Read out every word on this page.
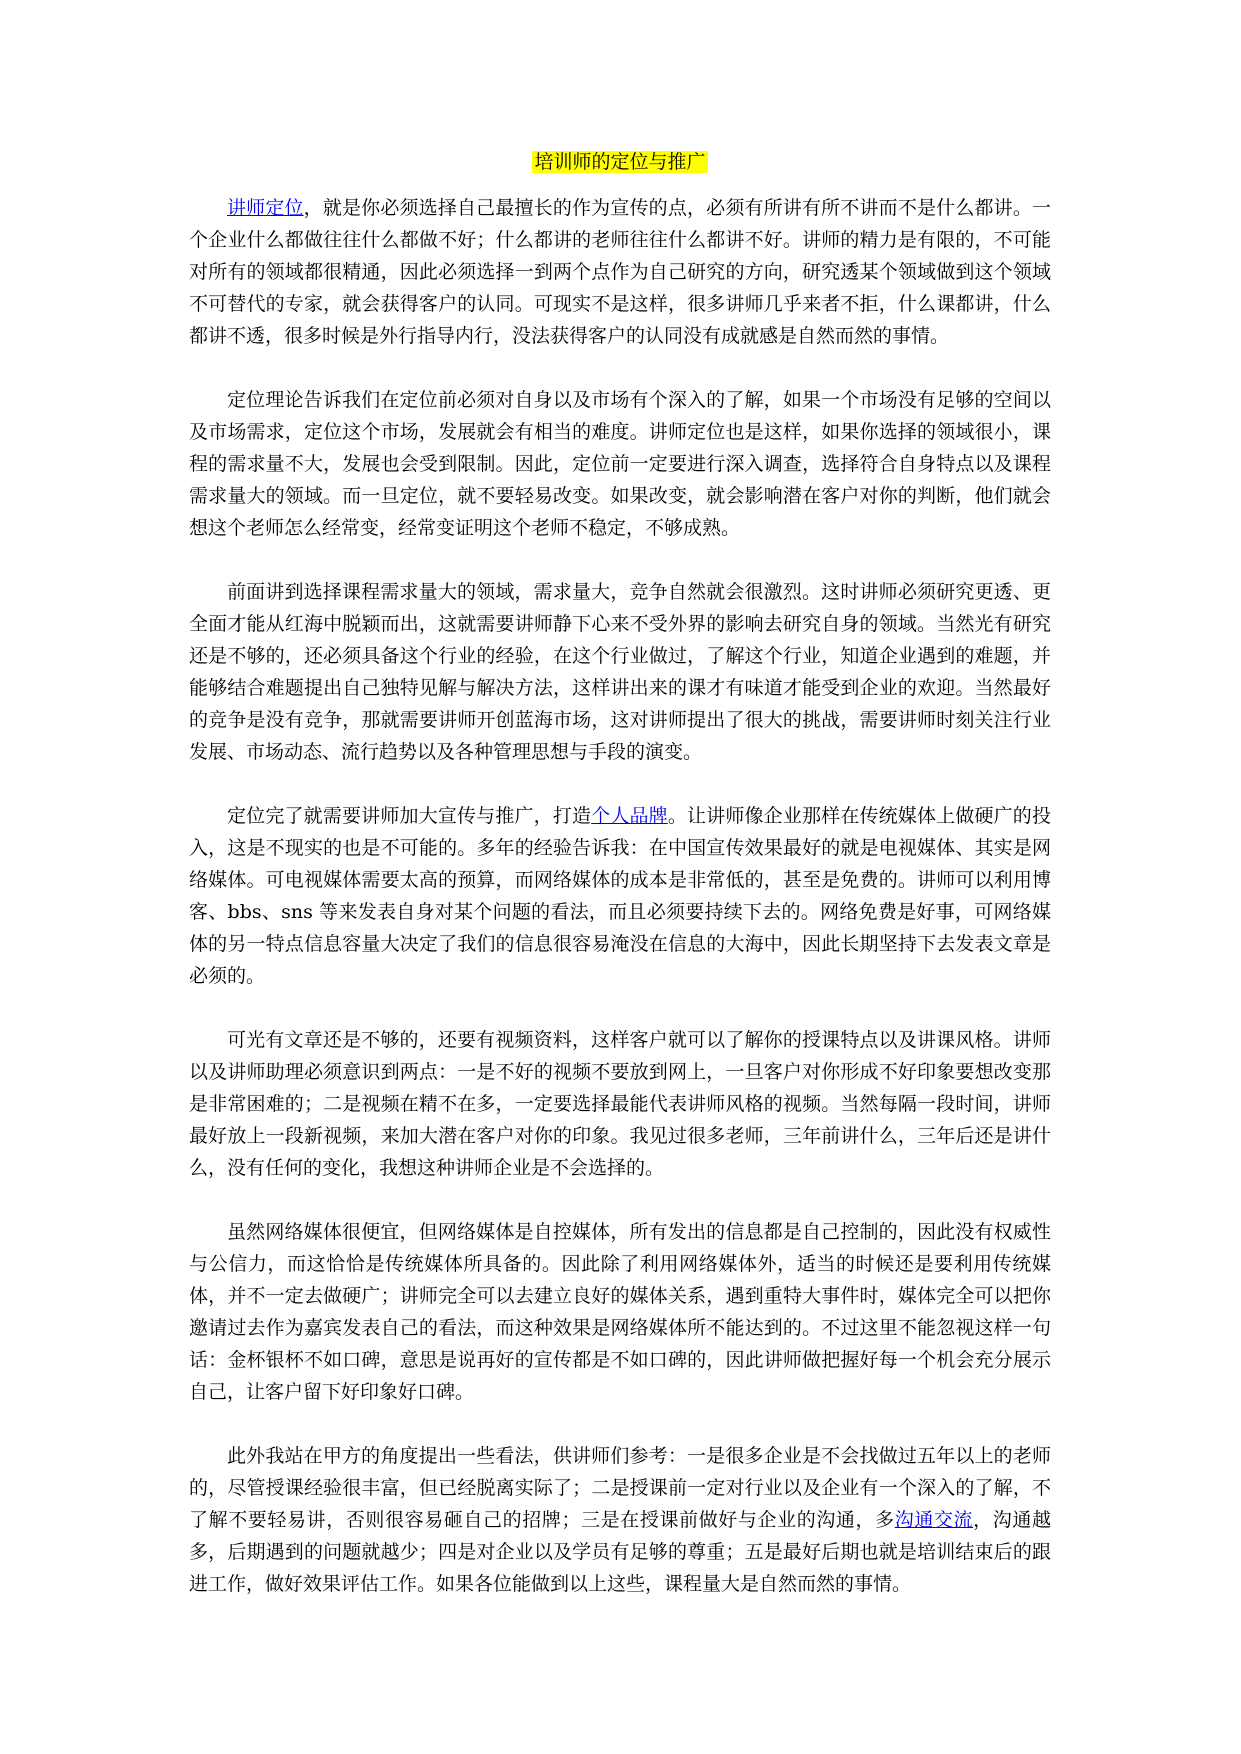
培训师的定位与推广

讲师定位，就是你必须选择自己最擅长的作为宣传的点，必须有所讲有所不讲而不是什么都讲。一个企业什么都做往往什么都做不好；什么都讲的老师往往什么都讲不好。讲师的精力是有限的，不可能对所有的领域都很精通，因此必须选择一到两个点作为自己研究的方向，研究透某个领域做到这个领域不可替代的专家，就会获得客户的认同。可现实不是这样，很多讲师几乎来者不拒，什么课都讲，什么都讲不透，很多时候是外行指导内行，没法获得客户的认同没有成就感是自然而然的事情。

定位理论告诉我们在定位前必须对自身以及市场有个深入的了解，如果一个市场没有足够的空间以及市场需求，定位这个市场，发展就会有相当的难度。讲师定位也是这样，如果你选择的领域很小，课程的需求量不大，发展也会受到限制。因此，定位前一定要进行深入调查，选择符合自身特点以及课程需求量大的领域。而一旦定位，就不要轻易改变。如果改变，就会影响潜在客户对你的判断，他们就会想这个老师怎么经常变，经常变证明这个老师不稳定，不够成熟。

前面讲到选择课程需求量大的领域，需求量大，竞争自然就会很激烈。这时讲师必须研究更透、更全面才能从红海中脱颖而出，这就需要讲师静下心来不受外界的影响去研究自身的领域。当然光有研究还是不够的，还必须具备这个行业的经验，在这个行业做过，了解这个行业，知道企业遇到的难题，并能够结合难题提出自己独特见解与解决方法，这样讲出来的课才有味道才能受到企业的欢迎。当然最好的竞争是没有竞争，那就需要讲师开创蓝海市场，这对讲师提出了很大的挑战，需要讲师时刻关注行业发展、市场动态、流行趋势以及各种管理思想与手段的演变。

定位完了就需要讲师加大宣传与推广，打造个人品牌。让讲师像企业那样在传统媒体上做硬广的投入，这是不现实的也是不可能的。多年的经验告诉我：在中国宣传效果最好的就是电视媒体、其实是网络媒体。可电视媒体需要太高的预算，而网络媒体的成本是非常低的，甚至是免费的。讲师可以利用博客、bbs、sns 等来发表自身对某个问题的看法，而且必须要持续下去的。网络免费是好事，可网络媒体的另一特点信息容量大决定了我们的信息很容易淹没在信息的大海中，因此长期坚持下去发表文章是必须的。

可光有文章还是不够的，还要有视频资料，这样客户就可以了解你的授课特点以及讲课风格。讲师以及讲师助理必须意识到两点：一是不好的视频不要放到网上，一旦客户对你形成不好印象要想改变那是非常困难的；二是视频在精不在多，一定要选择最能代表讲师风格的视频。当然每隔一段时间，讲师最好放上一段新视频，来加大潜在客户对你的印象。我见过很多老师，三年前讲什么，三年后还是讲什么，没有任何的变化，我想这种讲师企业是不会选择的。

虽然网络媒体很便宜，但网络媒体是自控媒体，所有发出的信息都是自己控制的，因此没有权威性与公信力，而这恰恰是传统媒体所具备的。因此除了利用网络媒体外，适当的时候还是要利用传统媒体，并不一定去做硬广；讲师完全可以去建立良好的媒体关系，遇到重特大事件时，媒体完全可以把你邀请过去作为嘉宾发表自己的看法，而这种效果是网络媒体所不能达到的。不过这里不能忽视这样一句话：金杯银杯不如口碑，意思是说再好的宣传都是不如口碑的，因此讲师做把握好每一个机会充分展示自己，让客户留下好印象好口碑。

此外我站在甲方的角度提出一些看法，供讲师们参考：一是很多企业是不会找做过五年以上的老师的，尽管授课经验很丰富，但已经脱离实际了；二是授课前一定对行业以及企业有一个深入的了解，不了解不要轻易讲，否则很容易砸自己的招牌；三是在授课前做好与企业的沟通，多沟通交流，沟通越多，后期遇到的问题就越少；四是对企业以及学员有足够的尊重；五是最好后期也就是培训结束后的跟进工作，做好效果评估工作。如果各位能做到以上这些，课程量大是自然而然的事情。
